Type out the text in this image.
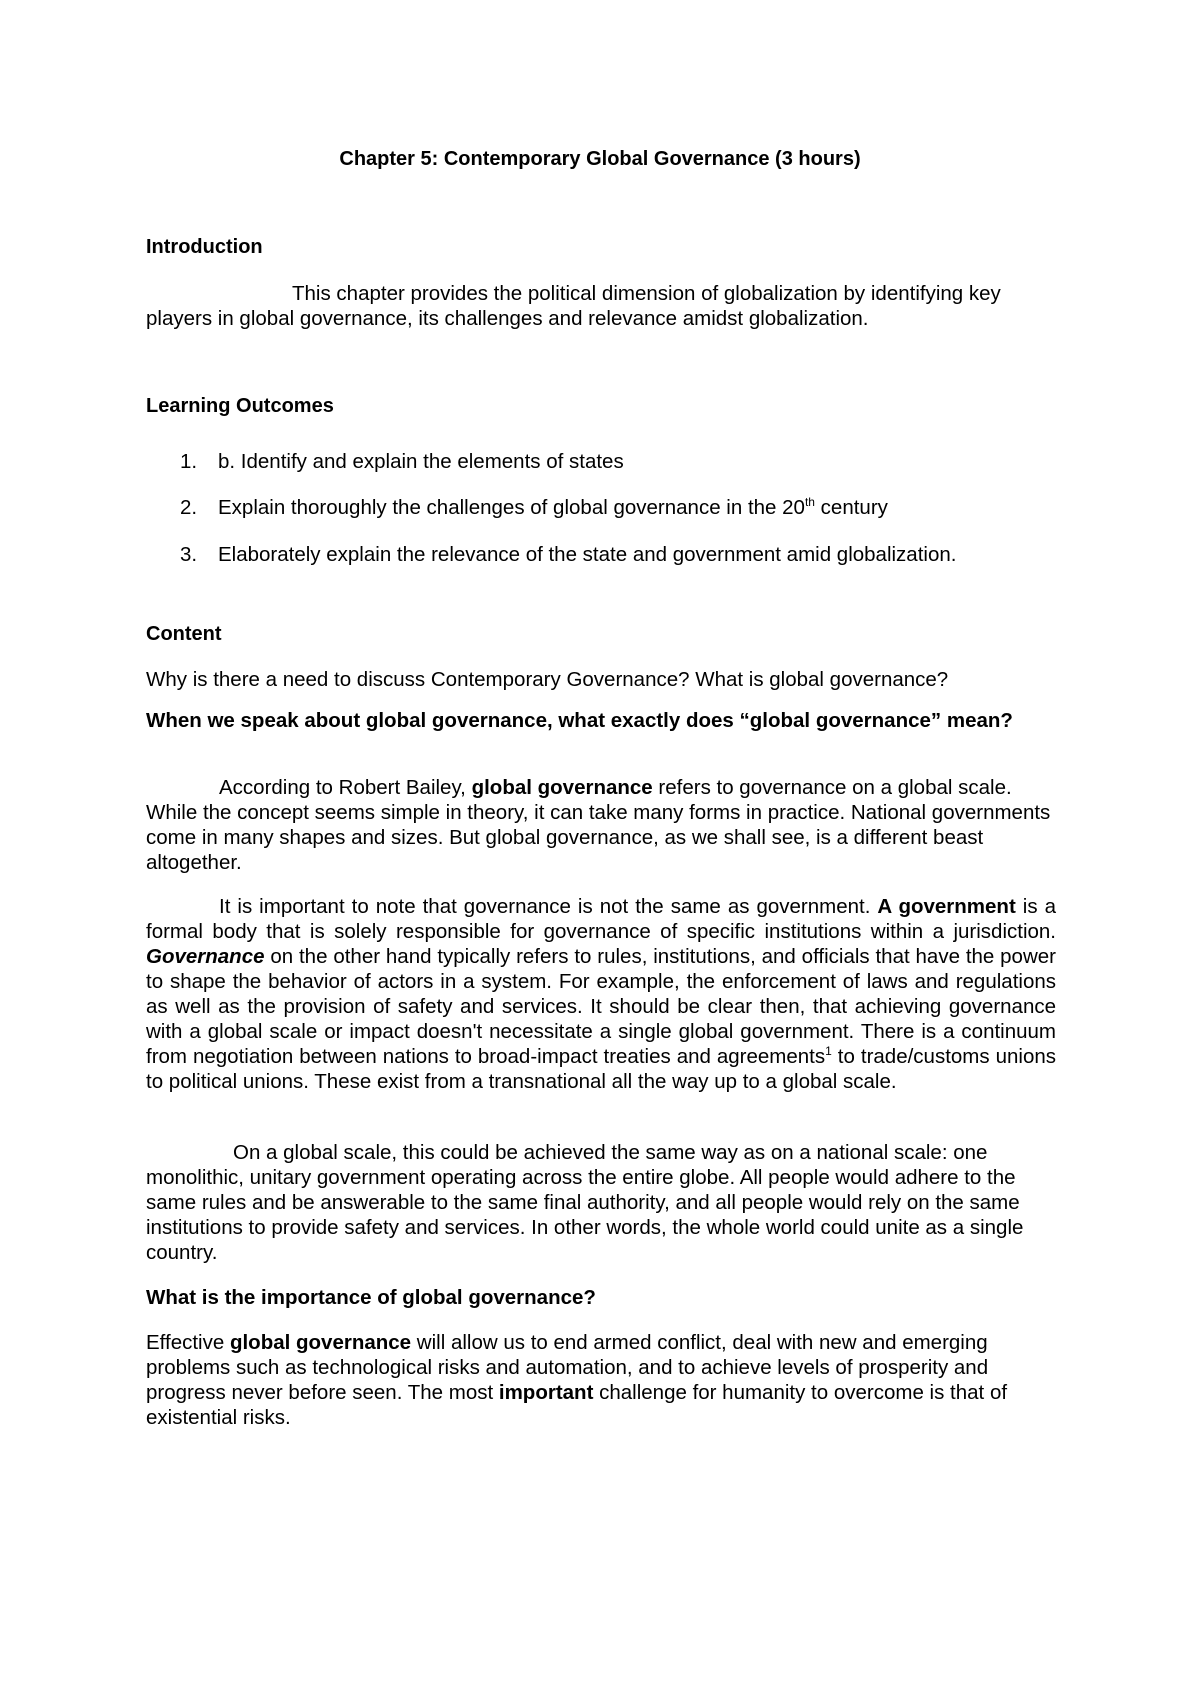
Chapter 5: Contemporary Global Governance (3 hours)
Introduction

This chapter provides the political dimension of globalization by identifying key players in global governance, its challenges and relevance amidst globalization.

Learning Outcomes
1. b. Identify and explain the elements of states
2. Explain thoroughly the challenges of global governance in the 20th century
3. Elaborately explain the relevance of the state and government amid globalization.
Content

Why is there a need to discuss Contemporary Governance? What is global governance?

When we speak about global governance, what exactly does “global governance” mean?

According to Robert Bailey, global governance refers to governance on a global scale. While the concept seems simple in theory, it can take many forms in practice. National governments come in many shapes and sizes. But global governance, as we shall see, is a different beast altogether.

It is important to note that governance is not the same as government. A government is a formal body that is solely responsible for governance of specific institutions within a jurisdiction. Governance on the other hand typically refers to rules, institutions, and officials that have the power to shape the behavior of actors in a system. For example, the enforcement of laws and regulations as well as the provision of safety and services. It should be clear then, that achieving governance with a global scale or impact doesn't necessitate a single global government. There is a continuum from negotiation between nations to broad-impact treaties and agreements$^1$ to trade/customs unions to political unions. These exist from a transnational all the way up to a global scale.

On a global scale, this could be achieved the same way as on a national scale: one monolithic, unitary government operating across the entire globe. All people would adhere to the same rules and be answerable to the same final authority, and all people would rely on the same institutions to provide safety and services. In other words, the whole world could unite as a single country.

What is the importance of global governance?

Effective global governance will allow us to end armed conflict, deal with new and emerging problems such as technological risks and automation, and to achieve levels of prosperity and progress never before seen. The most important challenge for humanity to overcome is that of existential risks.
